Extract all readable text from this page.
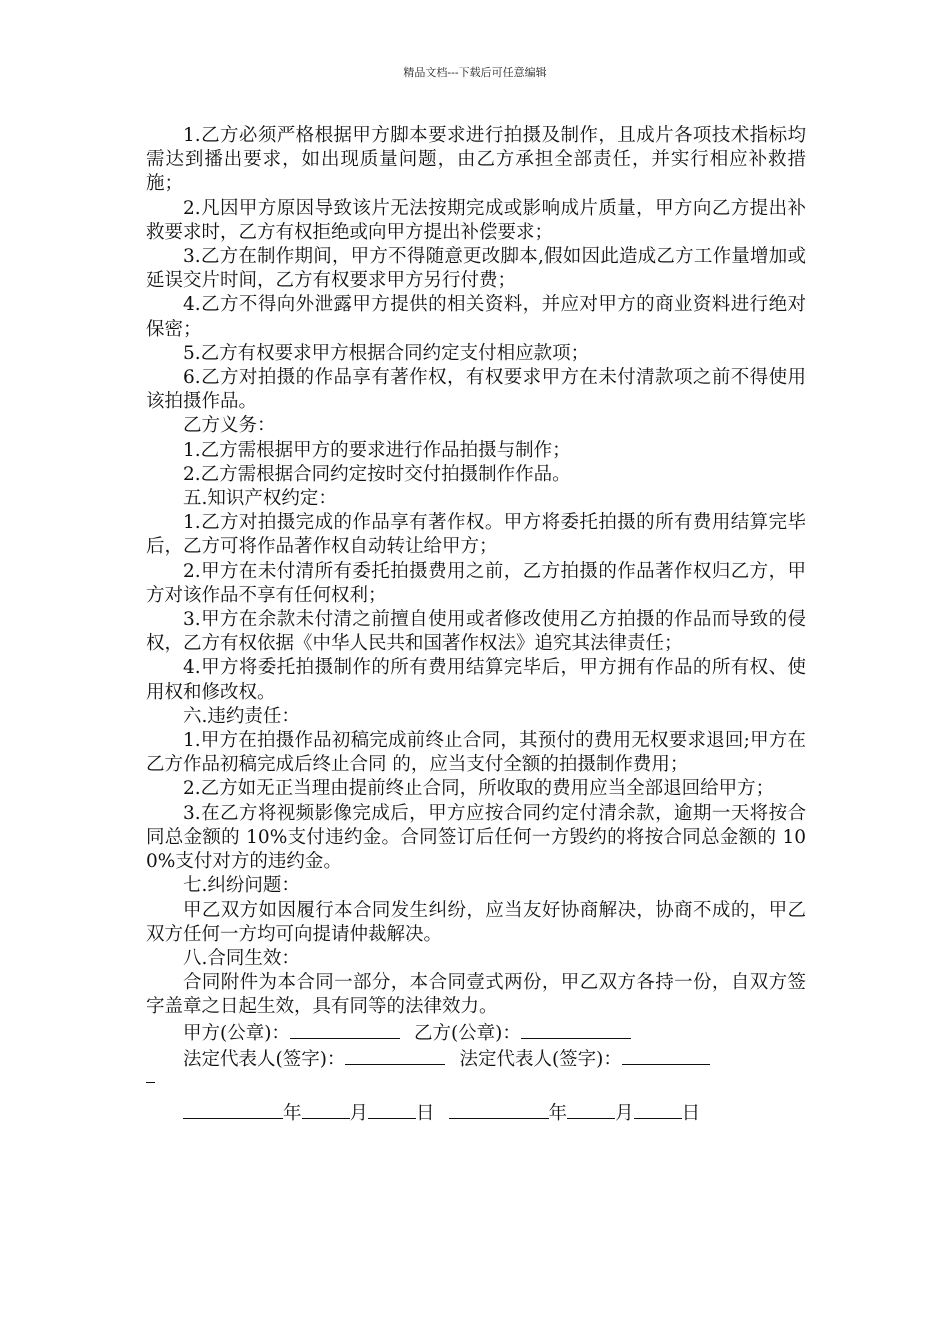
精品文档---下载后可任意编辑

1.乙方必须严格根据甲方脚本要求进行拍摄及制作，且成片各项技术指标均需达到播出要求，如出现质量问题，由乙方承担全部责任，并实行相应补救措施；

2.凡因甲方原因导致该片无法按期完成或影响成片质量，甲方向乙方提出补救要求时，乙方有权拒绝或向甲方提出补偿要求；

3.乙方在制作期间，甲方不得随意更改脚本,假如因此造成乙方工作量增加或延误交片时间，乙方有权要求甲方另行付费；

4.乙方不得向外泄露甲方提供的相关资料，并应对甲方的商业资料进行绝对保密；

5.乙方有权要求甲方根据合同约定支付相应款项；

6.乙方对拍摄的作品享有著作权，有权要求甲方在未付清款项之前不得使用该拍摄作品。

乙方义务：

1.乙方需根据甲方的要求进行作品拍摄与制作；

2.乙方需根据合同约定按时交付拍摄制作作品。

五.知识产权约定：

1.乙方对拍摄完成的作品享有著作权。甲方将委托拍摄的所有费用结算完毕后，乙方可将作品著作权自动转让给甲方；

2.甲方在未付清所有委托拍摄费用之前，乙方拍摄的作品著作权归乙方，甲方对该作品不享有任何权利；

3.甲方在余款未付清之前擅自使用或者修改使用乙方拍摄的作品而导致的侵权，乙方有权依据《中华人民共和国著作权法》追究其法律责任；

4.甲方将委托拍摄制作的所有费用结算完毕后，甲方拥有作品的所有权、使用权和修改权。

六.违约责任：

1.甲方在拍摄作品初稿完成前终止合同，其预付的费用无权要求退回;甲方在乙方作品初稿完成后终止合同 的，应当支付全额的拍摄制作费用；

2.乙方如无正当理由提前终止合同，所收取的费用应当全部退回给甲方；

3.在乙方将视频影像完成后，甲方应按合同约定付清余款，逾期一天将按合同总金额的 10%支付违约金。合同签订后任何一方毁约的将按合同总金额的 100%支付对方的违约金。

七.纠纷问题：

甲乙双方如因履行本合同发生纠纷，应当友好协商解决，协商不成的，甲乙双方任何一方均可向提请仲裁解决。

八.合同生效：

合同附件为本合同一部分，本合同壹式两份，甲乙双方各持一份，自双方签字盖章之日起生效，具有同等的法律效力。

甲方(公章)：	乙方(公章)：
法定代表人(签字)：	法定代表人(签字)：
年	月	日	年	月	日
